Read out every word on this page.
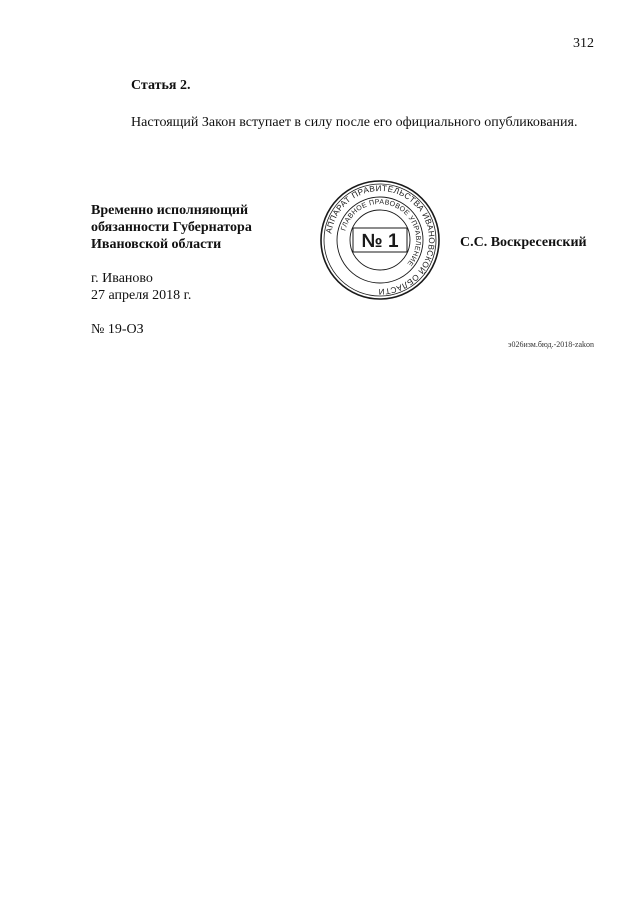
312
Статья 2.

Настоящий Закон вступает в силу после его официального опубликования.

Временно исполняющий
обязанности Губернатора
Ивановской области
АППАРАТ ПРАВИТЕЛЬСТВА ИВАНОВСКОЙ ОБЛАСТИ
ГЛАВНОЕ ПРАВОВОЕ УПРАВЛЕНИЕ
№ 1	С.С. Воскресенский
г. Иваново
27 апреля 2018 г.
№ 19-ОЗ
э026изм.бюд.-2018-zakon
